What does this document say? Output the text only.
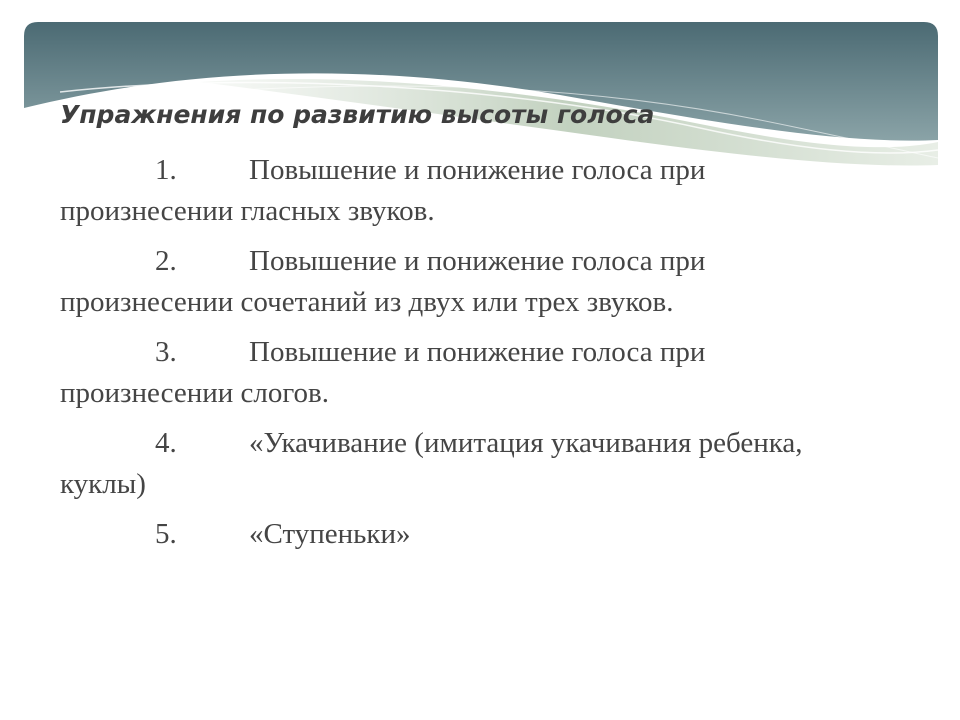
Упражнения по развитию высоты голоса
1.	Повышение и понижение голоса при
произнесении гласных звуков.
2.	Повышение и понижение голоса при
произнесении сочетаний из двух или трех звуков.
3.	Повышение и понижение голоса при
произнесении слогов.
4.	«Укачивание (имитация укачивания ребенка,
куклы)
5.	«Ступеньки»
